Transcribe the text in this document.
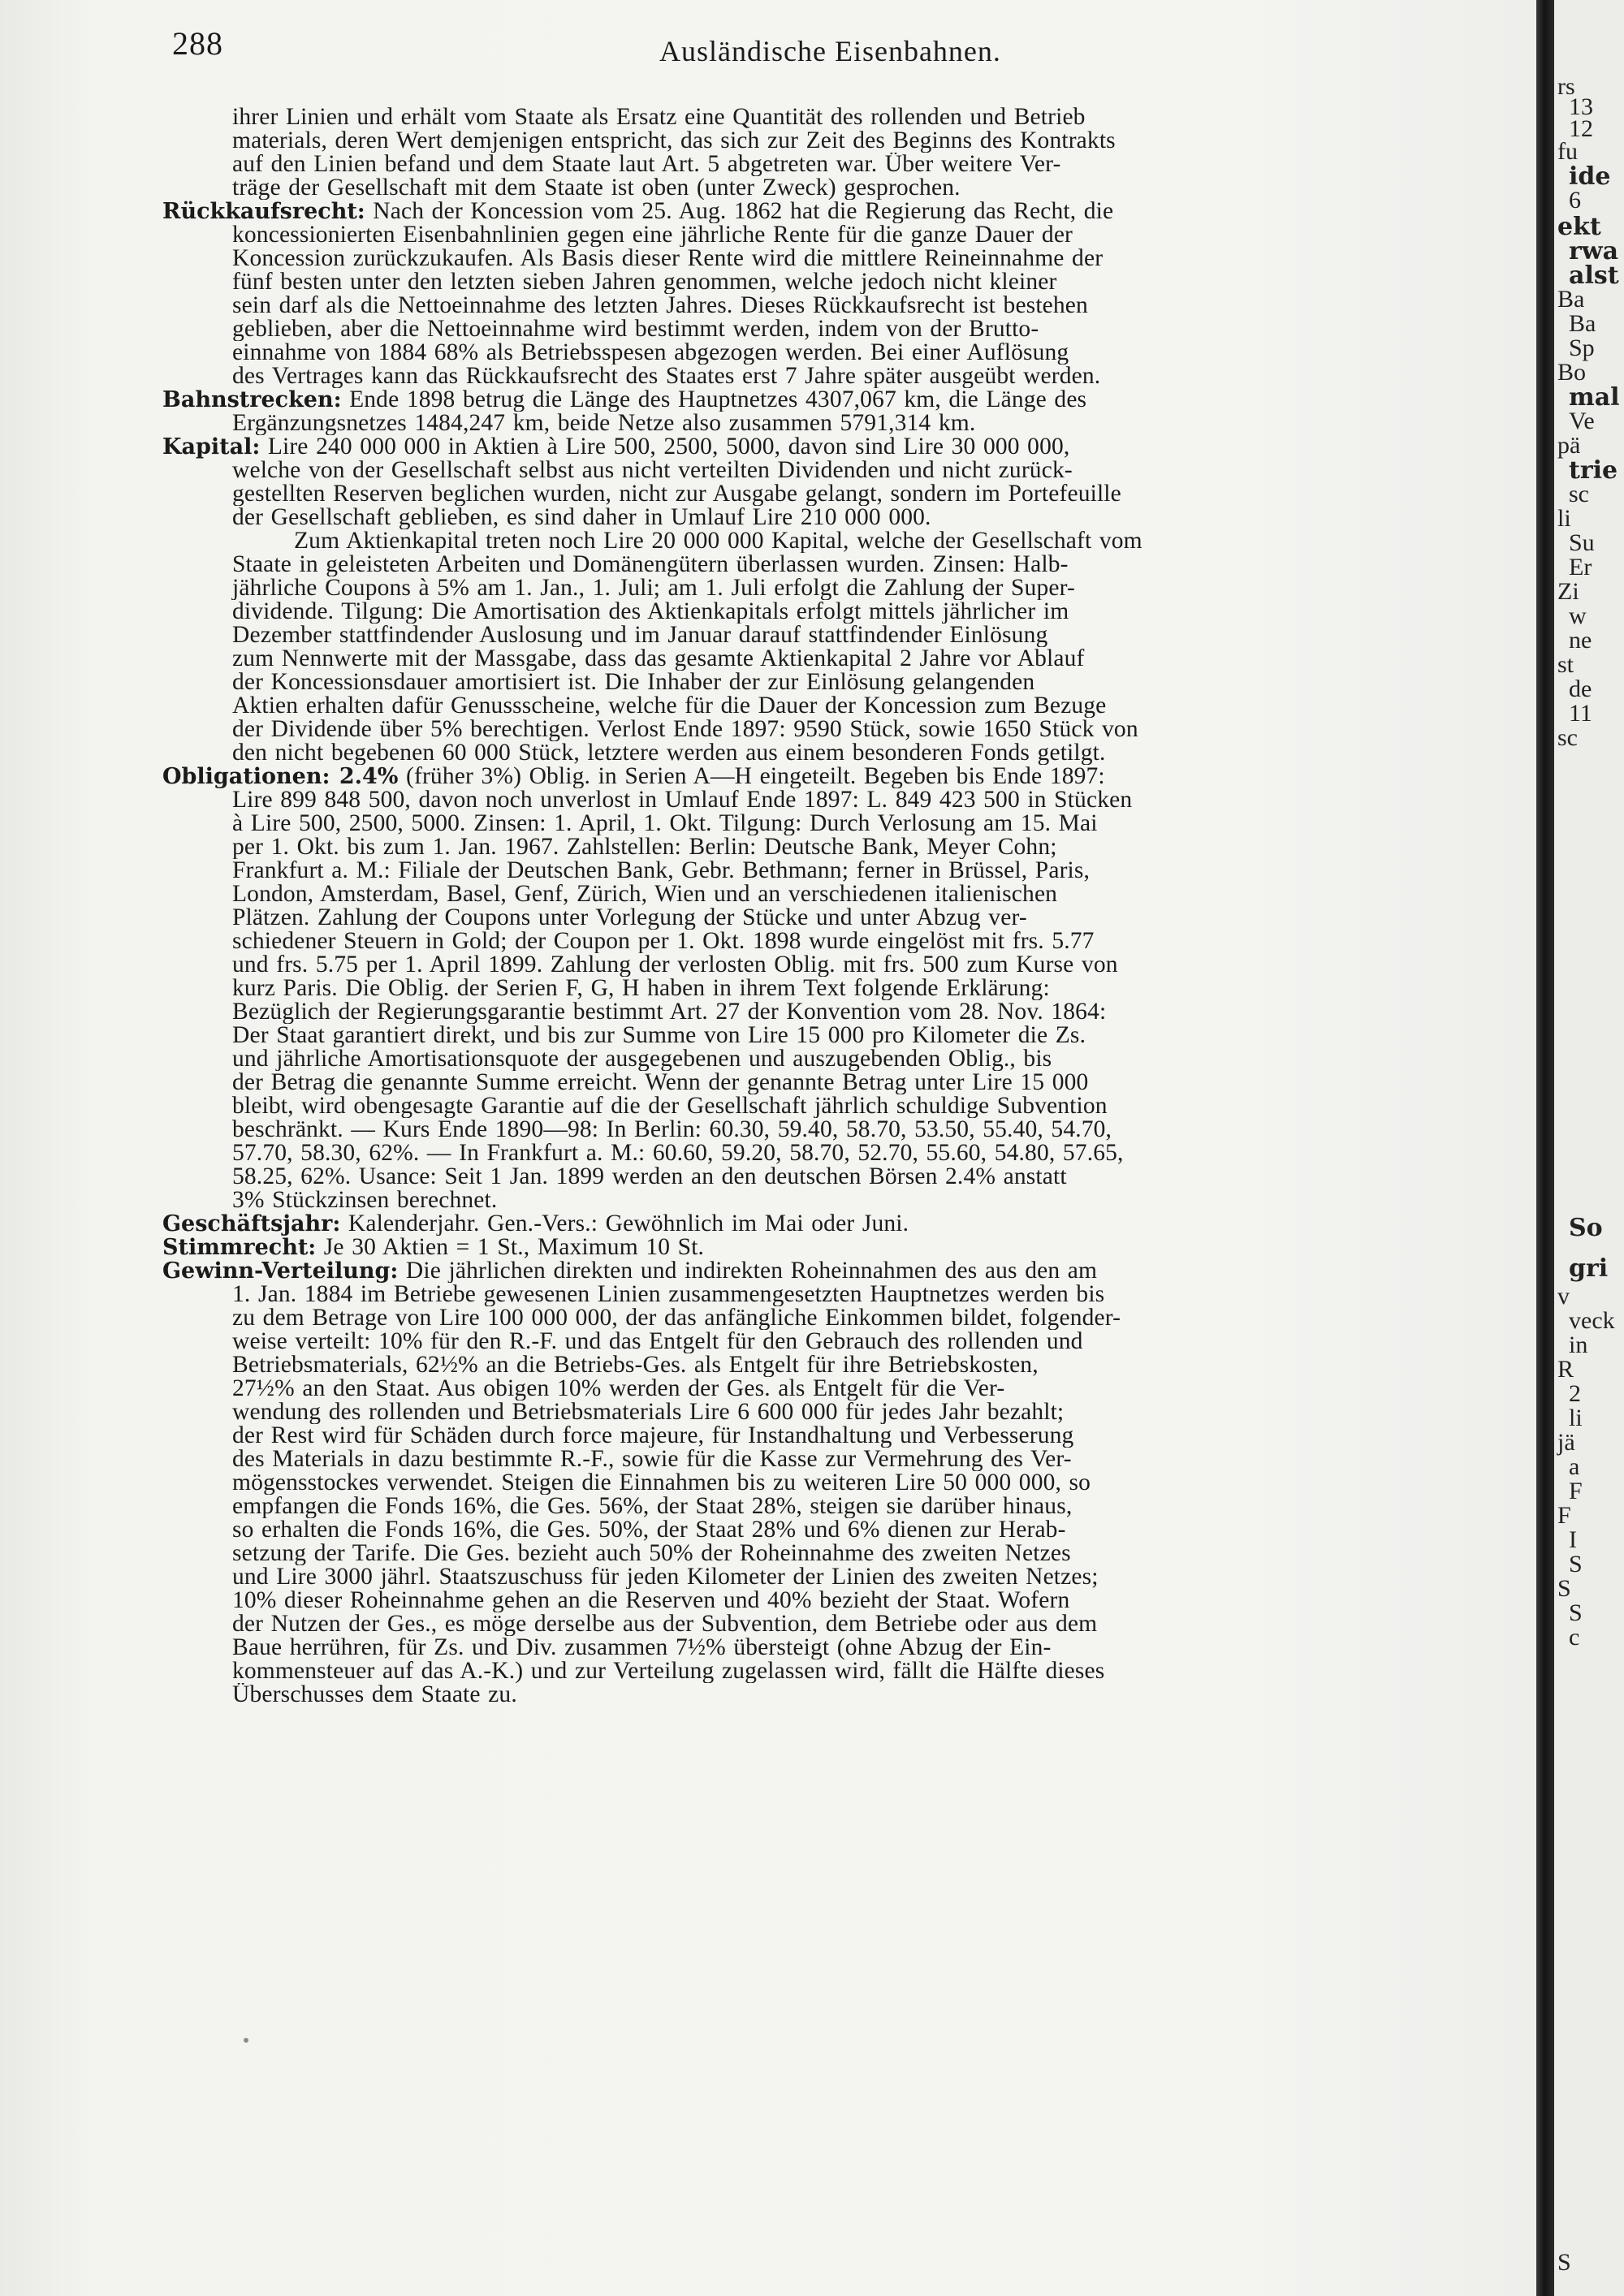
rs
13
12
fu
ide
6
ekt
rwa
alst
Ba
Ba
Sp
Bo
mal
Ve
pä
trie
sc
li
Su
Er
Zi
w
ne
st
de
11
sc
So
gri
v
veck
in
R
2
li
jä
a
F
F
I
S
S
S
c
S
288	Ausländische Eisenbahnen.
ihrer Linien und erhält vom Staate als Ersatz eine Quantität des rollenden und Betrieb
materials, deren Wert demjenigen entspricht, das sich zur Zeit des Beginns des Kontrakts
auf den Linien befand und dem Staate laut Art. 5 abgetreten war. Über weitere Ver-
träge der Gesellschaft mit dem Staate ist oben (unter Zweck) gesprochen.
Rückkaufsrecht: Nach der Koncession vom 25. Aug. 1862 hat die Regierung das Recht, die
koncessionierten Eisenbahnlinien gegen eine jährliche Rente für die ganze Dauer der
Koncession zurückzukaufen. Als Basis dieser Rente wird die mittlere Reineinnahme der
fünf besten unter den letzten sieben Jahren genommen, welche jedoch nicht kleiner
sein darf als die Nettoeinnahme des letzten Jahres. Dieses Rückkaufsrecht ist bestehen
geblieben, aber die Nettoeinnahme wird bestimmt werden, indem von der Brutto-
einnahme von 1884 68% als Betriebsspesen abgezogen werden. Bei einer Auflösung
des Vertrages kann das Rückkaufsrecht des Staates erst 7 Jahre später ausgeübt werden.
Bahnstrecken: Ende 1898 betrug die Länge des Hauptnetzes 4307,067 km, die Länge des
Ergänzungsnetzes 1484,247 km, beide Netze also zusammen 5791,314 km.
Kapital: Lire 240 000 000 in Aktien à Lire 500, 2500, 5000, davon sind Lire 30 000 000,
welche von der Gesellschaft selbst aus nicht verteilten Dividenden und nicht zurück-
gestellten Reserven beglichen wurden, nicht zur Ausgabe gelangt, sondern im Portefeuille
der Gesellschaft geblieben, es sind daher in Umlauf Lire 210 000 000.
Zum Aktienkapital treten noch Lire 20 000 000 Kapital, welche der Gesellschaft vom
Staate in geleisteten Arbeiten und Domänengütern überlassen wurden. Zinsen: Halb-
jährliche Coupons à 5% am 1. Jan., 1. Juli; am 1. Juli erfolgt die Zahlung der Super-
dividende. Tilgung: Die Amortisation des Aktienkapitals erfolgt mittels jährlicher im
Dezember stattfindender Auslosung und im Januar darauf stattfindender Einlösung
zum Nennwerte mit der Massgabe, dass das gesamte Aktienkapital 2 Jahre vor Ablauf
der Koncessionsdauer amortisiert ist. Die Inhaber der zur Einlösung gelangenden
Aktien erhalten dafür Genussscheine, welche für die Dauer der Koncession zum Bezuge
der Dividende über 5% berechtigen. Verlost Ende 1897: 9590 Stück, sowie 1650 Stück von
den nicht begebenen 60 000 Stück, letztere werden aus einem besonderen Fonds getilgt.
Obligationen: 2.4% (früher 3%) Oblig. in Serien A—H eingeteilt. Begeben bis Ende 1897:
Lire 899 848 500, davon noch unverlost in Umlauf Ende 1897: L. 849 423 500 in Stücken
à Lire 500, 2500, 5000. Zinsen: 1. April, 1. Okt. Tilgung: Durch Verlosung am 15. Mai
per 1. Okt. bis zum 1. Jan. 1967. Zahlstellen: Berlin: Deutsche Bank, Meyer Cohn;
Frankfurt a. M.: Filiale der Deutschen Bank, Gebr. Bethmann; ferner in Brüssel, Paris,
London, Amsterdam, Basel, Genf, Zürich, Wien und an verschiedenen italienischen
Plätzen. Zahlung der Coupons unter Vorlegung der Stücke und unter Abzug ver-
schiedener Steuern in Gold; der Coupon per 1. Okt. 1898 wurde eingelöst mit frs. 5.77
und frs. 5.75 per 1. April 1899. Zahlung der verlosten Oblig. mit frs. 500 zum Kurse von
kurz Paris. Die Oblig. der Serien F, G, H haben in ihrem Text folgende Erklärung:
Bezüglich der Regierungsgarantie bestimmt Art. 27 der Konvention vom 28. Nov. 1864:
Der Staat garantiert direkt, und bis zur Summe von Lire 15 000 pro Kilometer die Zs.
und jährliche Amortisationsquote der ausgegebenen und auszugebenden Oblig., bis
der Betrag die genannte Summe erreicht. Wenn der genannte Betrag unter Lire 15 000
bleibt, wird obengesagte Garantie auf die der Gesellschaft jährlich schuldige Subvention
beschränkt. — Kurs Ende 1890—98: In Berlin: 60.30, 59.40, 58.70, 53.50, 55.40, 54.70,
57.70, 58.30, 62%. — In Frankfurt a. M.: 60.60, 59.20, 58.70, 52.70, 55.60, 54.80, 57.65,
58.25, 62%. Usance: Seit 1 Jan. 1899 werden an den deutschen Börsen 2.4% anstatt
3% Stückzinsen berechnet.
Geschäftsjahr: Kalenderjahr. Gen.-Vers.: Gewöhnlich im Mai oder Juni.
Stimmrecht: Je 30 Aktien = 1 St., Maximum 10 St.
Gewinn-Verteilung: Die jährlichen direkten und indirekten Roheinnahmen des aus den am
1. Jan. 1884 im Betriebe gewesenen Linien zusammengesetzten Hauptnetzes werden bis
zu dem Betrage von Lire 100 000 000, der das anfängliche Einkommen bildet, folgender-
weise verteilt: 10% für den R.-F. und das Entgelt für den Gebrauch des rollenden und
Betriebsmaterials, 62½% an die Betriebs-Ges. als Entgelt für ihre Betriebskosten,
27½% an den Staat. Aus obigen 10% werden der Ges. als Entgelt für die Ver-
wendung des rollenden und Betriebsmaterials Lire 6 600 000 für jedes Jahr bezahlt;
der Rest wird für Schäden durch force majeure, für Instandhaltung und Verbesserung
des Materials in dazu bestimmte R.-F., sowie für die Kasse zur Vermehrung des Ver-
mögensstockes verwendet. Steigen die Einnahmen bis zu weiteren Lire 50 000 000, so
empfangen die Fonds 16%, die Ges. 56%, der Staat 28%, steigen sie darüber hinaus,
so erhalten die Fonds 16%, die Ges. 50%, der Staat 28% und 6% dienen zur Herab-
setzung der Tarife. Die Ges. bezieht auch 50% der Roheinnahme des zweiten Netzes
und Lire 3000 jährl. Staatszuschuss für jeden Kilometer der Linien des zweiten Netzes;
10% dieser Roheinnahme gehen an die Reserven und 40% bezieht der Staat. Wofern
der Nutzen der Ges., es möge derselbe aus der Subvention, dem Betriebe oder aus dem
Baue herrühren, für Zs. und Div. zusammen 7½% übersteigt (ohne Abzug der Ein-
kommensteuer auf das A.-K.) und zur Verteilung zugelassen wird, fällt die Hälfte dieses
Überschusses dem Staate zu.
